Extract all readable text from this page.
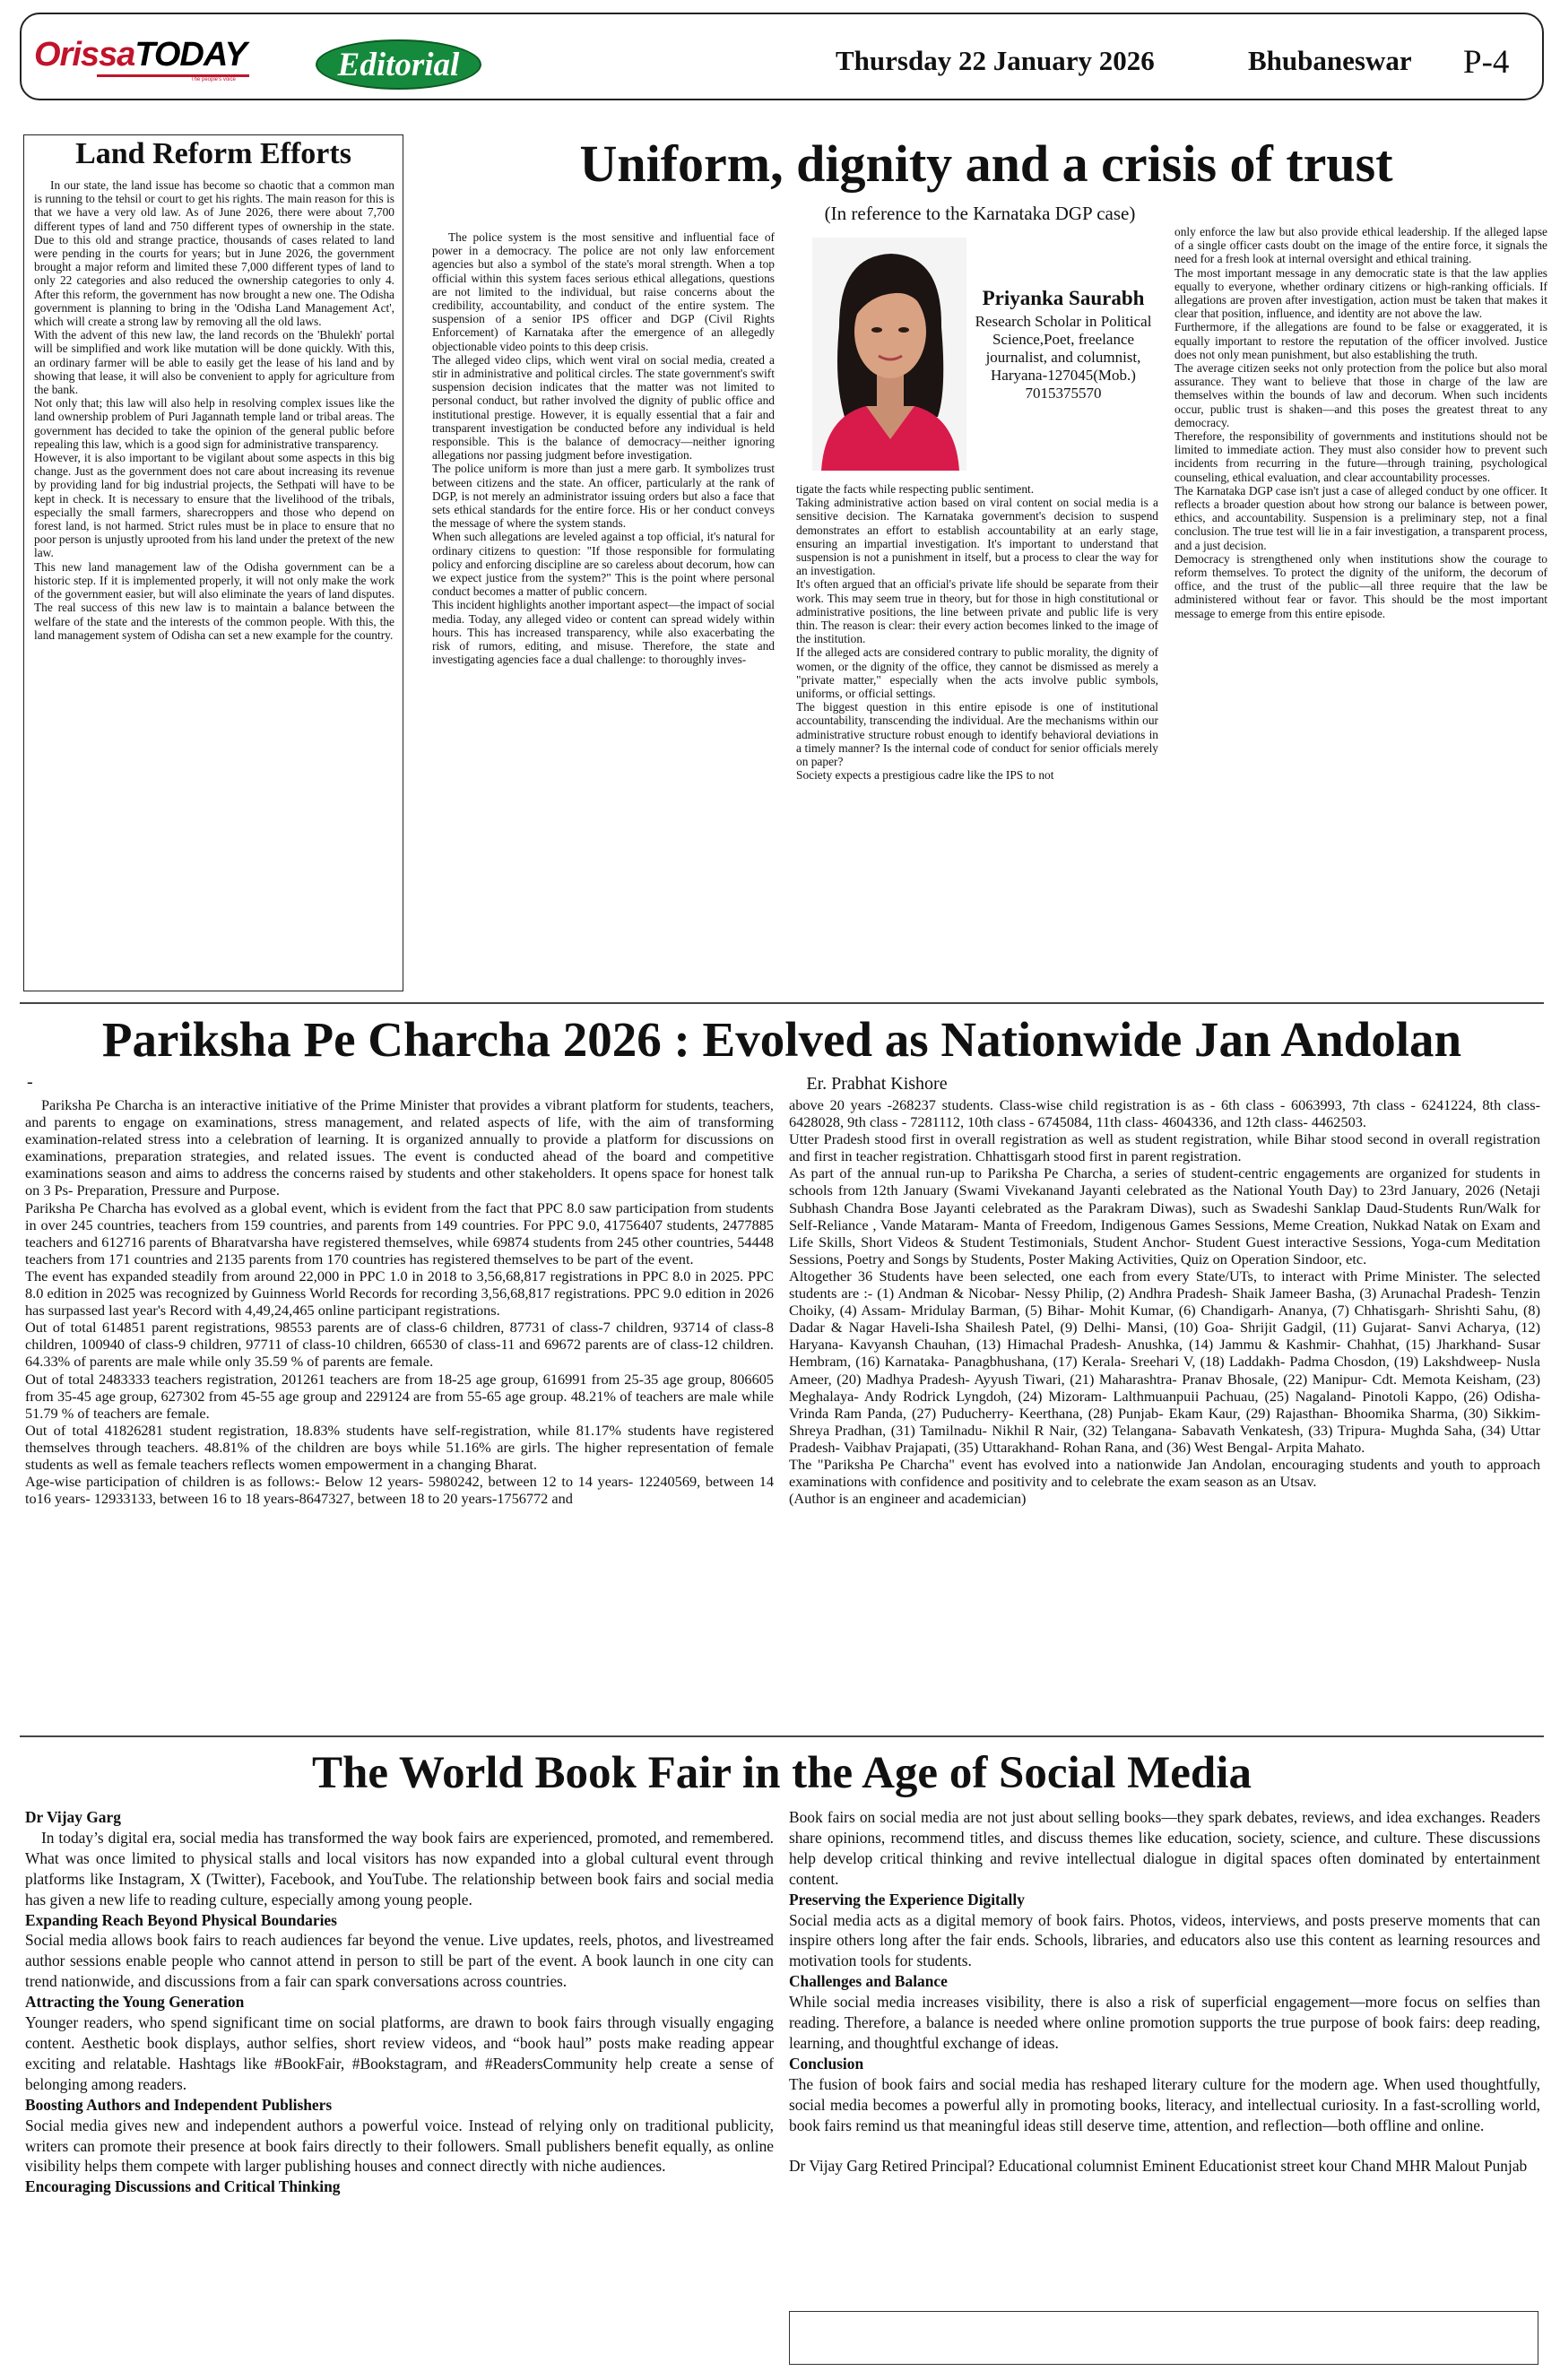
OrissaTODAY
The people's voice	Editorial	Thursday 22 January 2026	Bhubaneswar P-4
Land Reform Efforts

In our state, the land issue has become so chaotic that a common man is running to the tehsil or court to get his rights. The main reason for this is that we have a very old law. As of June 2026, there were about 7,700 different types of land and 750 different types of ownership in the state. Due to this old and strange practice, thousands of cases related to land were pending in the courts for years; but in June 2026, the government brought a major reform and limited these 7,000 different types of land to only 22 categories and also reduced the ownership categories to only 4. After this reform, the government has now brought a new one. The Odisha government is planning to bring in the 'Odisha Land Management Act', which will create a strong law by removing all the old laws.

With the advent of this new law, the land records on the 'Bhulekh' portal will be simplified and work like mutation will be done quickly. With this, an ordinary farmer will be able to easily get the lease of his land and by showing that lease, it will also be convenient to apply for agriculture from the bank.

Not only that; this law will also help in resolving complex issues like the land ownership problem of Puri Jagannath temple land or tribal areas. The government has decided to take the opinion of the general public before repealing this law, which is a good sign for administrative transparency.

However, it is also important to be vigilant about some aspects in this big change. Just as the government does not care about increasing its revenue by providing land for big industrial projects, the Sethpati will have to be kept in check. It is necessary to ensure that the livelihood of the tribals, especially the small farmers, sharecroppers and those who depend on forest land, is not harmed. Strict rules must be in place to ensure that no poor person is unjustly uprooted from his land under the pretext of the new law.

This new land management law of the Odisha government can be a historic step. If it is implemented properly, it will not only make the work of the government easier, but will also eliminate the years of land disputes. The real success of this new law is to maintain a balance between the welfare of the state and the interests of the common people. With this, the land management system of Odisha can set a new example for the country.

Uniform, dignity and a crisis of trust
(In reference to the Karnataka DGP case)

The police system is the most sensitive and influential face of power in a democracy. The police are not only law enforcement agencies but also a symbol of the state's moral strength. When a top official within this system faces serious ethical allegations, questions are not limited to the individual, but raise concerns about the credibility, accountability, and conduct of the entire system. The suspension of a senior IPS officer and DGP (Civil Rights Enforcement) of Karnataka after the emergence of an allegedly objectionable video points to this deep crisis.

The alleged video clips, which went viral on social media, created a stir in administrative and political circles. The state government's swift suspension decision indicates that the matter was not limited to personal conduct, but rather involved the dignity of public office and institutional prestige. However, it is equally essential that a fair and transparent investigation be conducted before any individual is held responsible. This is the balance of democracy—neither ignoring allegations nor passing judgment before investigation.

The police uniform is more than just a mere garb. It symbolizes trust between citizens and the state. An officer, particularly at the rank of DGP, is not merely an administrator issuing orders but also a face that sets ethical standards for the entire force. His or her conduct conveys the message of where the system stands.

When such allegations are leveled against a top official, it's natural for ordinary citizens to question: "If those responsible for formulating policy and enforcing discipline are so careless about decorum, how can we expect justice from the system?" This is the point where personal conduct becomes a matter of public concern.

This incident highlights another important aspect—the impact of social media. Today, any alleged video or content can spread widely within hours. This has increased transparency, while also exacerbating the risk of rumors, editing, and misuse. Therefore, the state and investigating agencies face a dual challenge: to thoroughly inves-

Priyanka Saurabh
Research Scholar in Political Science,Poet, freelance journalist, and columnist, Haryana-127045(Mob.) 7015375570

tigate the facts while respecting public sentiment.

Taking administrative action based on viral content on social media is a sensitive decision. The Karnataka government's decision to suspend demonstrates an effort to establish accountability at an early stage, ensuring an impartial investigation. It's important to understand that suspension is not a punishment in itself, but a process to clear the way for an investigation.

It's often argued that an official's private life should be separate from their work. This may seem true in theory, but for those in high constitutional or administrative positions, the line between private and public life is very thin. The reason is clear: their every action becomes linked to the image of the institution.

If the alleged acts are considered contrary to public morality, the dignity of women, or the dignity of the office, they cannot be dismissed as merely a "private matter," especially when the acts involve public symbols, uniforms, or official settings.

The biggest question in this entire episode is one of institutional accountability, transcending the individual. Are the mechanisms within our administrative structure robust enough to identify behavioral deviations in a timely manner? Is the internal code of conduct for senior officials merely on paper?

Society expects a prestigious cadre like the IPS to not

only enforce the law but also provide ethical leadership. If the alleged lapse of a single officer casts doubt on the image of the entire force, it signals the need for a fresh look at internal oversight and ethical training.

The most important message in any democratic state is that the law applies equally to everyone, whether ordinary citizens or high-ranking officials. If allegations are proven after investigation, action must be taken that makes it clear that position, influence, and identity are not above the law.

Furthermore, if the allegations are found to be false or exaggerated, it is equally important to restore the reputation of the officer involved. Justice does not only mean punishment, but also establishing the truth.

The average citizen seeks not only protection from the police but also moral assurance. They want to believe that those in charge of the law are themselves within the bounds of law and decorum. When such incidents occur, public trust is shaken—and this poses the greatest threat to any democracy.

Therefore, the responsibility of governments and institutions should not be limited to immediate action. They must also consider how to prevent such incidents from recurring in the future—through training, psychological counseling, ethical evaluation, and clear accountability processes.

The Karnataka DGP case isn't just a case of alleged conduct by one officer. It reflects a broader question about how strong our balance is between power, ethics, and accountability. Suspension is a preliminary step, not a final conclusion. The true test will lie in a fair investigation, a transparent process, and a just decision.

Democracy is strengthened only when institutions show the courage to reform themselves. To protect the dignity of the uniform, the decorum of office, and the trust of the public—all three require that the law be administered without fear or favor. This should be the most important message to emerge from this entire episode.

Pariksha Pe Charcha 2026 : Evolved as Nationwide Jan Andolan
-	Er. Prabhat Kishore

Pariksha Pe Charcha is an interactive initiative of the Prime Minister that provides a vibrant platform for students, teachers, and parents to engage on examinations, stress management, and related aspects of life, with the aim of transforming examination-related stress into a celebration of learning. It is organized annually to provide a platform for discussions on examinations, preparation strategies, and related issues. The event is conducted ahead of the board and competitive examinations season and aims to address the concerns raised by students and other stakeholders. It opens space for honest talk on 3 Ps- Preparation, Pressure and Purpose.

Pariksha Pe Charcha has evolved as a global event, which is evident from the fact that PPC 8.0 saw participation from students in over 245 countries, teachers from 159 countries, and parents from 149 countries. For PPC 9.0, 41756407 students, 2477885 teachers and 612716 parents of Bharatvarsha have registered themselves, while 69874 students from 245 other countries, 54448 teachers from 171 countries and 2135 parents from 170 countries has registered themselves to be part of the event.

The event has expanded steadily from around 22,000 in PPC 1.0 in 2018 to 3,56,68,817 registrations in PPC 8.0 in 2025. PPC 8.0 edition in 2025 was recognized by Guinness World Records for recording 3,56,68,817 registrations. PPC 9.0 edition in 2026 has surpassed last year's Record with 4,49,24,465 online participant registrations.

Out of total 614851 parent registrations, 98553 parents are of class-6 children, 87731 of class-7 children, 93714 of class-8 children, 100940 of class-9 children, 97711 of class-10 children, 66530 of class-11 and 69672 parents are of class-12 children. 64.33% of parents are male while only 35.59 % of parents are female.

Out of total 2483333 teachers registration, 201261 teachers are from 18-25 age group, 616991 from 25-35 age group, 806605 from 35-45 age group, 627302 from 45-55 age group and 229124 are from 55-65 age group. 48.21% of teachers are male while 51.79 % of teachers are female.

Out of total 41826281 student registration, 18.83% students have self-registration, while 81.17% students have registered themselves through teachers. 48.81% of the children are boys while 51.16% are girls. The higher representation of female students as well as female teachers reflects women empowerment in a changing Bharat.

Age-wise participation of children is as follows:- Below 12 years- 5980242, between 12 to 14 years- 12240569, between 14 to16 years- 12933133, between 16 to 18 years-8647327, between 18 to 20 years-1756772 and

above 20 years -268237 students. Class-wise child registration is as - 6th class - 6063993, 7th class - 6241224, 8th class- 6428028, 9th class - 7281112, 10th class - 6745084, 11th class- 4604336, and 12th class- 4462503.

Utter Pradesh stood first in overall registration as well as student registration, while Bihar stood second in overall registration and first in teacher registration. Chhattisgarh stood first in parent registration.

As part of the annual run-up to Pariksha Pe Charcha, a series of student-centric engagements are organized for students in schools from 12th January (Swami Vivekanand Jayanti celebrated as the National Youth Day) to 23rd January, 2026 (Netaji Subhash Chandra Bose Jayanti celebrated as the Parakram Diwas), such as Swadeshi Sanklap Daud-Students Run/Walk for Self-Reliance , Vande Mataram- Manta of Freedom, Indigenous Games Sessions, Meme Creation, Nukkad Natak on Exam and Life Skills, Short Videos & Student Testimonials, Student Anchor- Student Guest interactive Sessions, Yoga-cum Meditation Sessions, Poetry and Songs by Students, Poster Making Activities, Quiz on Operation Sindoor, etc.

Altogether 36 Students have been selected, one each from every State/UTs, to interact with Prime Minister. The selected students are :- (1) Andman & Nicobar- Nessy Philip, (2) Andhra Pradesh- Shaik Jameer Basha, (3) Arunachal Pradesh- Tenzin Choiky, (4) Assam- Mridulay Barman, (5) Bihar- Mohit Kumar, (6) Chandigarh- Ananya, (7) Chhatisgarh- Shrishti Sahu, (8) Dadar & Nagar Haveli-Isha Shailesh Patel, (9) Delhi- Mansi, (10) Goa- Shrijit Gadgil, (11) Gujarat- Sanvi Acharya, (12) Haryana- Kavyansh Chauhan, (13) Himachal Pradesh- Anushka, (14) Jammu & Kashmir- Chahhat, (15) Jharkhand- Susar Hembram, (16) Karnataka- Panagbhushana, (17) Kerala- Sreehari V, (18) Laddakh- Padma Chosdon, (19) Lakshdweep- Nusla Ameer, (20) Madhya Pradesh- Ayyush Tiwari, (21) Maharashtra- Pranav Bhosale, (22) Manipur- Cdt. Memota Keisham, (23) Meghalaya- Andy Rodrick Lyngdoh, (24) Mizoram- Lalthmuanpuii Pachuau, (25) Nagaland- Pinotoli Kappo, (26) Odisha- Vrinda Ram Panda, (27) Puducherry- Keerthana, (28) Punjab- Ekam Kaur, (29) Rajasthan- Bhoomika Sharma, (30) Sikkim- Shreya Pradhan, (31) Tamilnadu- Nikhil R Nair, (32) Telangana- Sabavath Venkatesh, (33) Tripura- Mughda Saha, (34) Uttar Pradesh- Vaibhav Prajapati, (35) Uttarakhand- Rohan Rana, and (36) West Bengal- Arpita Mahato.

The "Pariksha Pe Charcha" event has evolved into a nationwide Jan Andolan, encouraging students and youth to approach examinations with confidence and positivity and to celebrate the exam season as an Utsav.

(Author is an engineer and academician)

The World Book Fair in the Age of Social Media

Dr Vijay Garg

In today’s digital era, social media has transformed the way book fairs are experienced, promoted, and remembered. What was once limited to physical stalls and local visitors has now expanded into a global cultural event through platforms like Instagram, X (Twitter), Facebook, and YouTube. The relationship between book fairs and social media has given a new life to reading culture, especially among young people.

Expanding Reach Beyond Physical Boundaries

Social media allows book fairs to reach audiences far beyond the venue. Live updates, reels, photos, and livestreamed author sessions enable people who cannot attend in person to still be part of the event. A book launch in one city can trend nationwide, and discussions from a fair can spark conversations across countries.

Attracting the Young Generation

Younger readers, who spend significant time on social platforms, are drawn to book fairs through visually engaging content. Aesthetic book displays, author selfies, short review videos, and “book haul” posts make reading appear exciting and relatable. Hashtags like #BookFair, #Bookstagram, and #ReadersCommunity help create a sense of belonging among readers.

Boosting Authors and Independent Publishers

Social media gives new and independent authors a powerful voice. Instead of relying only on traditional publicity, writers can promote their presence at book fairs directly to their followers. Small publishers benefit equally, as online visibility helps them compete with larger publishing houses and connect directly with niche audiences.

Encouraging Discussions and Critical Thinking

Book fairs on social media are not just about selling books—they spark debates, reviews, and idea exchanges. Readers share opinions, recommend titles, and discuss themes like education, society, science, and culture. These discussions help develop critical thinking and revive intellectual dialogue in digital spaces often dominated by entertainment content.

Preserving the Experience Digitally

Social media acts as a digital memory of book fairs. Photos, videos, interviews, and posts preserve moments that can inspire others long after the fair ends. Schools, libraries, and educators also use this content as learning resources and motivation tools for students.

Challenges and Balance

While social media increases visibility, there is also a risk of superficial engagement—more focus on selfies than reading. Therefore, a balance is needed where online promotion supports the true purpose of book fairs: deep reading, learning, and thoughtful exchange of ideas.

Conclusion

The fusion of book fairs and social media has reshaped literary culture for the modern age. When used thoughtfully, social media becomes a powerful ally in promoting books, literacy, and intellectual curiosity. In a fast-scrolling world, book fairs remind us that meaningful ideas still deserve time, attention, and reflection—both offline and online.

Dr Vijay Garg Retired Principal? Educational columnist Eminent Educationist street kour Chand MHR Malout Punjab
